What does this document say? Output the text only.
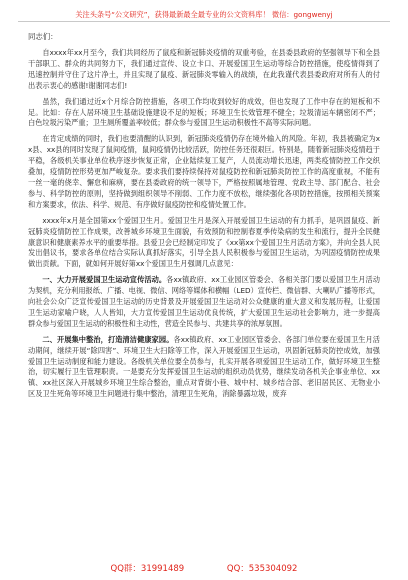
关注头条号“公文研究”，获得最新最全最专业的公文资料库！ 微信：gongwenyj

同志们：

自xxxx年xx月至今，我们共同经历了鼠疫和新冠肺炎疫情的双重考验，在县委县政府的坚强领导下和全县干部职工、群众的共同努力下，我们通过宣传、设立卡口、开展爱国卫生运动等综合防控措施，使疫情得到了迅速控制并守住了这片净土，并且实现了鼠疫、新冠肺炎零输入的战绩，在此我谨代表县委政府对所有人的付出表示衷心的感谢!谢谢同志们!

虽然，我们通过近x个月综合防控措施，各项工作均收到较好的成效，但也发现了工作中存在的短板和不足。比如：存在人居环境卫生基础设施建设不足的短板；环境卫生长效管理不健全；垃圾清运车辆密闭不严；白色垃圾污染严重；卫生厕所覆盖率较低；群众参与爱国卫生运动积极性不高等实际问题。

在肯定成绩的同时，我们也要清醒的认识到，新冠肺炎疫情仍存在境外输入的风险。年初，我县被确定为xx县、xx县的同时发现了鼠间疫情，鼠间疫情仍比较活跃，防控任务还很艰巨。特别是，随着新冠肺炎疫情趋于平稳，各级机关事业单位秩序逐步恢复正常，企业陆续复工复产，人员流动增长迅速，两类疫情防控工作交织叠加，疫情防控形势更加严峻复杂。要求我们要持续保持对鼠疫防控和新冠肺炎防控工作的高度重视，不能有一丝一毫的侥幸、懈怠和麻痹，要在县委政府的统一领导下，严格按照属地管理、党政主导、部门配合、社会参与、科学防控的原则，坚持做到组织领导不削弱、工作力度不放松，继续强化各项防控措施，按照相关预案和方案要求，依法、科学、规范、有序做好鼠疫防控和疫情处置工作。

xxxx年x月是全国第xx个爱国卫生月。爱国卫生月是深入开展爱国卫生运动的有力抓手，是巩固鼠疫、新冠肺炎疫情防控工作成果，改善城乡环境卫生面貌，有效预防和控制春夏季传染病的发生和流行，提升全民健康意识和健康素养水平的重要举措。县爱卫会已经制定印发了《xx第xx个爱国卫生月活动方案》，并向全县人民发出倡议书，要求各单位结合实际认真抓好落实，引导全县人民积极参与爱国卫生运动，为巩固疫情防控成果做出贡献。下面，就如何开展好第xx个爱国卫生月强调几点意见：

一、大力开展爱国卫生运动宣传活动。各xx镇政府、xx工业园区管委会、各相关部门要以爱国卫生月活动为契机，充分利用报纸、广播、电视、微信、网络等媒体和横幅（LED）宣传栏、微信群、大喇叭广播等形式，向社会公众广泛宣传爱国卫生运动的历史背景及开展爱国卫生运动对公众健康的重大意义和发展历程，让爱国卫生运动家喻户晓，人人皆知，大力宣传爱国卫生运动优良传统，扩大爱国卫生运动社会影响力，进一步提高群众参与爱国卫生运动的积极性和主动性，营造全民参与、共建共享的浓厚氛围。

二、开展集中整治，打造清洁健康家园。各xx镇政府、xx工业园区管委会、各部门单位要在爱国卫生月活动期间，继续开展“除四害”、环境卫生大扫除等工作，深入开展爱国卫生运动，巩固新冠肺炎防控成效，加强爱国卫生运动制度和能力建设。各级机关单位要全员参与，扎实开展各项爱国卫生运动工作，做好环境卫生整治，切实履行卫生管理职责。一是要充分发挥爱国卫生运动的组织动员优势，继续发动各机关企事业单位、xx镇、xx社区深入开展城乡环境卫生综合整治，重点对背街小巷、城中村、城乡结合部、老旧居民区、无物业小区及卫生死角等环境卫生问题进行集中整治，清理卫生死角，消除暴露垃圾，废弃

QQ群：31991489	QQ：535304092
